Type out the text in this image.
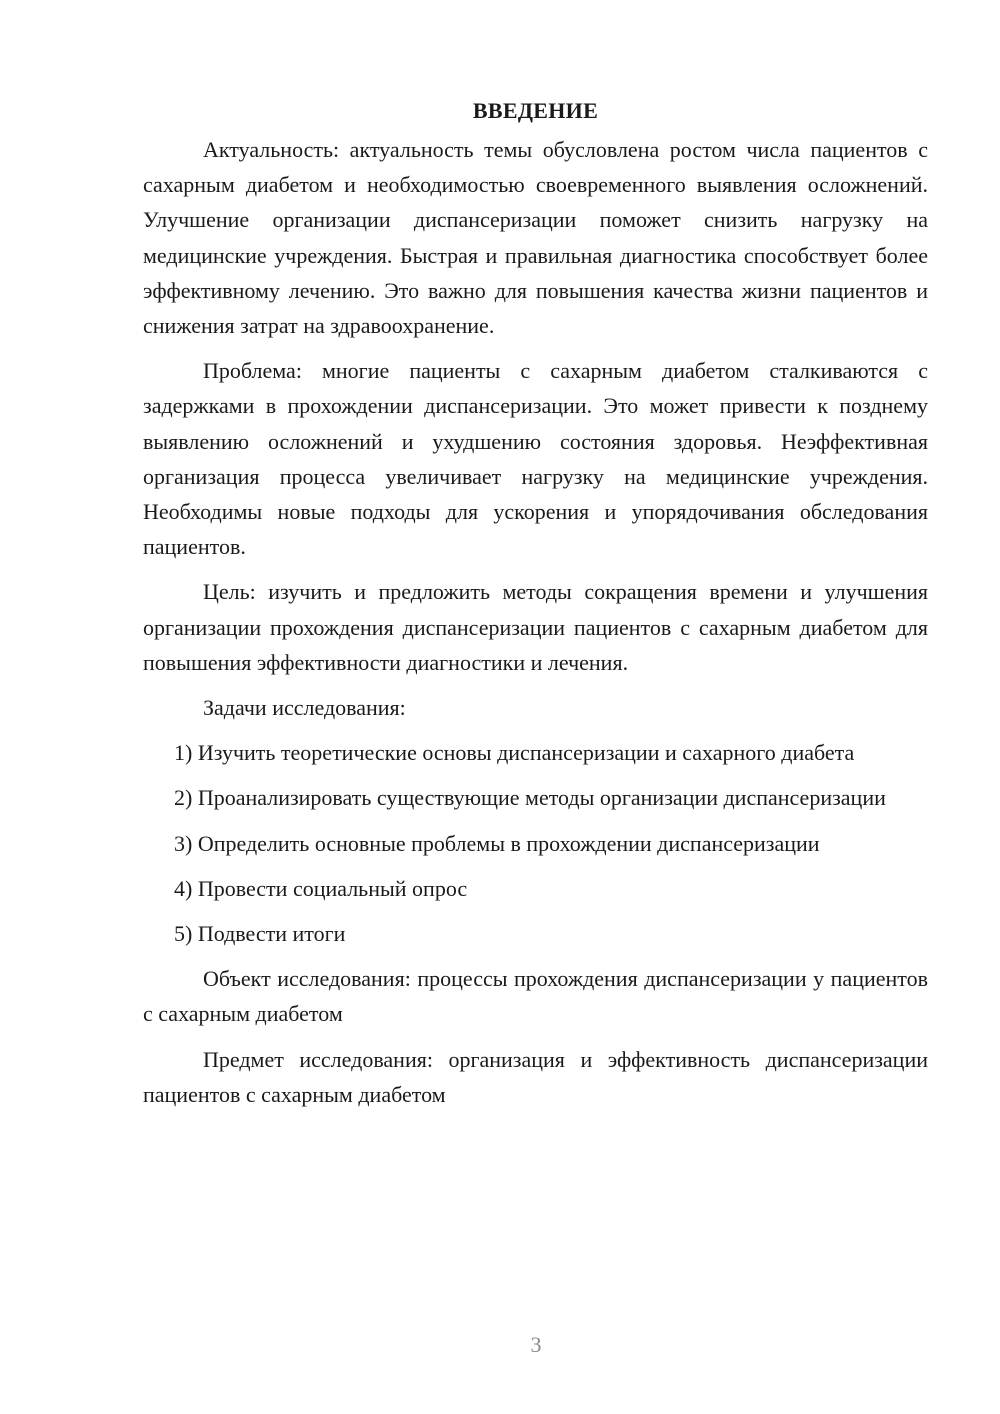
ВВЕДЕНИЕ

Актуальность: актуальность темы обусловлена ростом числа пациентов с сахарным диабетом и необходимостью своевременного выявления осложнений. Улучшение организации диспансеризации поможет снизить нагрузку на медицинские учреждения. Быстрая и правильная диагностика способствует более эффективному лечению. Это важно для повышения качества жизни пациентов и снижения затрат на здравоохранение.

Проблема: многие пациенты с сахарным диабетом сталкиваются с задержками в прохождении диспансеризации. Это может привести к позднему выявлению осложнений и ухудшению состояния здоровья. Неэффективная организация процесса увеличивает нагрузку на медицинские учреждения. Необходимы новые подходы для ускорения и упорядочивания обследования пациентов.

Цель: изучить и предложить методы сокращения времени и улучшения организации прохождения диспансеризации пациентов с сахарным диабетом для повышения эффективности диагностики и лечения.

Задачи исследования:

1) Изучить теоретические основы диспансеризации и сахарного диабета

2) Проанализировать существующие методы организации диспансеризации

3) Определить основные проблемы в прохождении диспансеризации

4) Провести социальный опрос

5) Подвести итоги

Объект исследования: процессы прохождения диспансеризации у пациентов с сахарным диабетом

Предмет исследования: организация и эффективность диспансеризации пациентов с сахарным диабетом

3
